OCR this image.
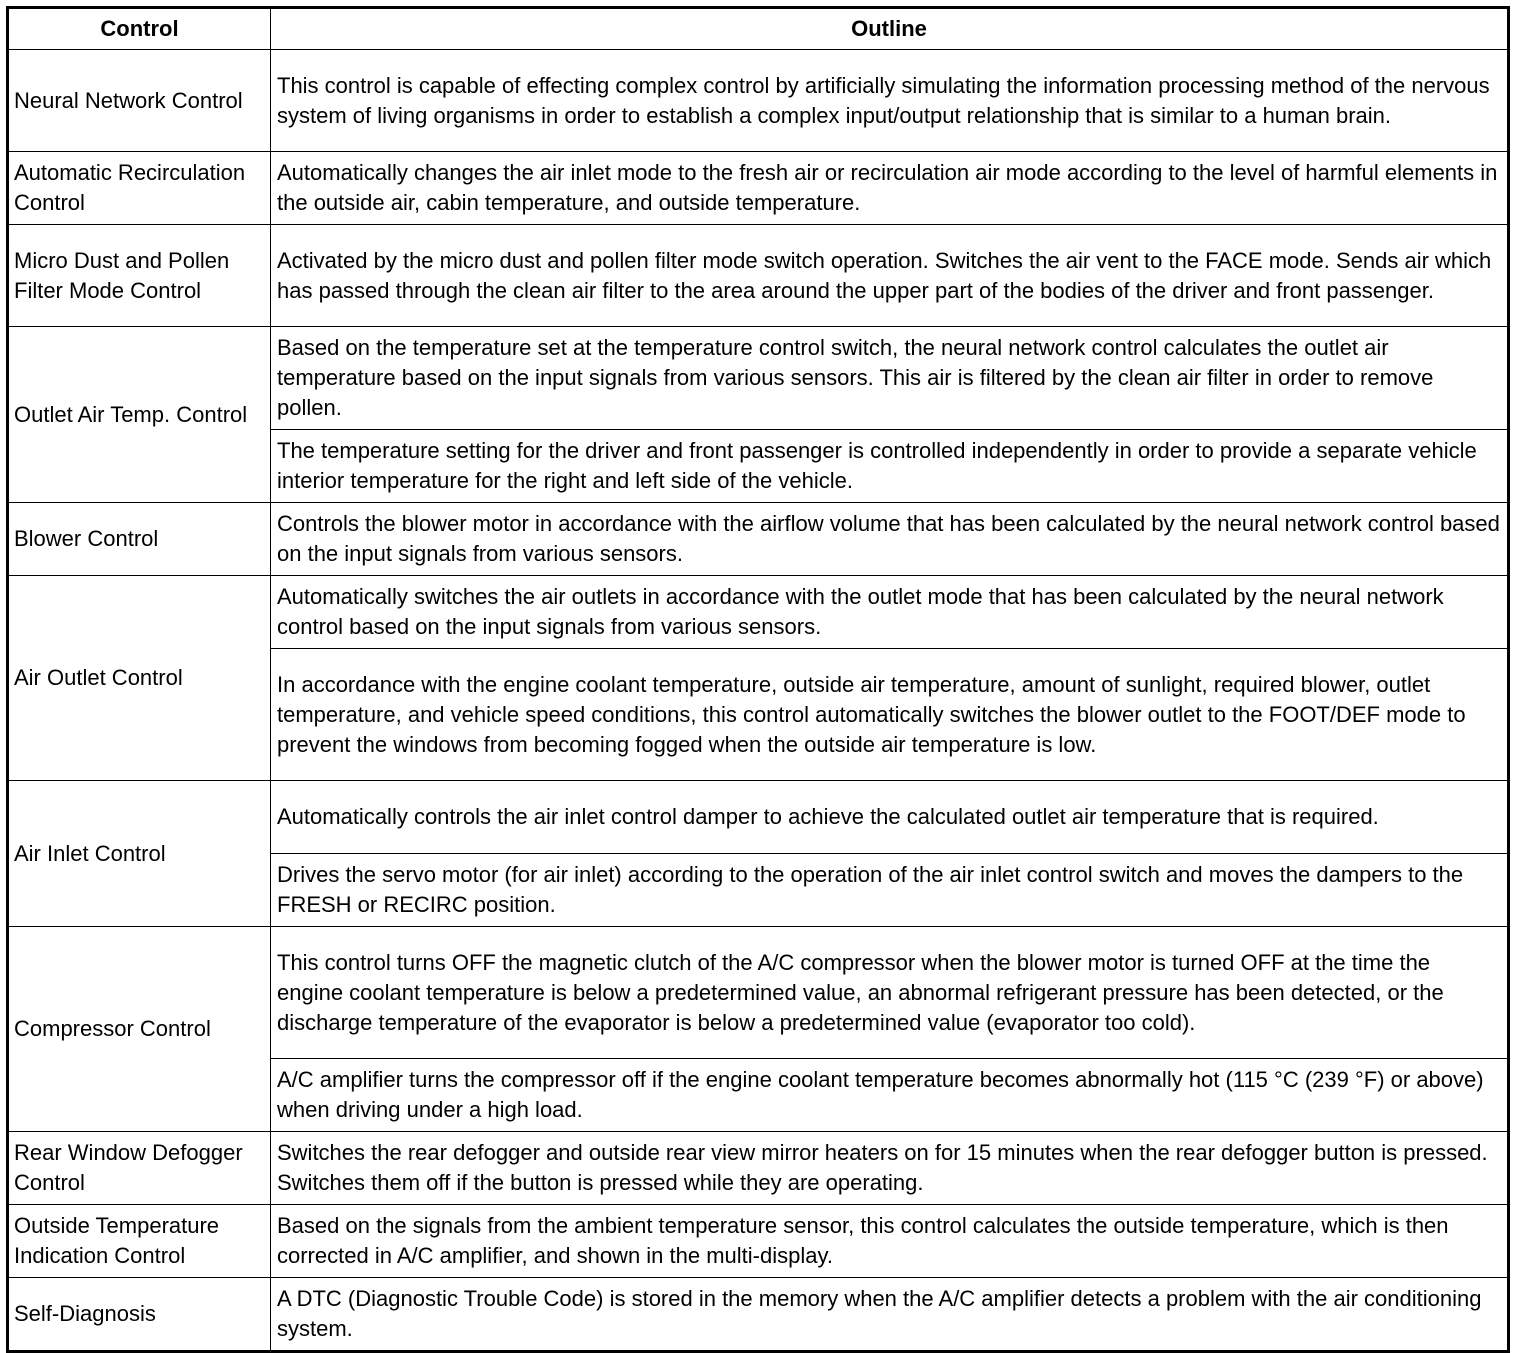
Control	Outline
Neural Network Control	This control is capable of effecting complex control by artificially simulating the information processing method of the nervous system of living organisms in order to establish a complex input/output relationship that is similar to a human brain.
Automatic Recirculation Control	Automatically changes the air inlet mode to the fresh air or recirculation air mode according to the level of harmful elements in the outside air, cabin temperature, and outside temperature.
Micro Dust and Pollen Filter Mode Control	Activated by the micro dust and pollen filter mode switch operation. Switches the air vent to the FACE mode. Sends air which has passed through the clean air filter to the area around the upper part of the bodies of the driver and front passenger.
Outlet Air Temp. Control	Based on the temperature set at the temperature control switch, the neural network control calculates the outlet air temperature based on the input signals from various sensors. This air is filtered by the clean air filter in order to remove pollen.
	The temperature setting for the driver and front passenger is controlled independently in order to provide a separate vehicle interior temperature for the right and left side of the vehicle.
Blower Control	Controls the blower motor in accordance with the airflow volume that has been calculated by the neural network control based on the input signals from various sensors.
Air Outlet Control	Automatically switches the air outlets in accordance with the outlet mode that has been calculated by the neural network control based on the input signals from various sensors.
	In accordance with the engine coolant temperature, outside air temperature, amount of sunlight, required blower, outlet temperature, and vehicle speed conditions, this control automatically switches the blower outlet to the FOOT/DEF mode to prevent the windows from becoming fogged when the outside air temperature is low.
Air Inlet Control	Automatically controls the air inlet control damper to achieve the calculated outlet air temperature that is required.
	Drives the servo motor (for air inlet) according to the operation of the air inlet control switch and moves the dampers to the FRESH or RECIRC position.
Compressor Control	This control turns OFF the magnetic clutch of the A/C compressor when the blower motor is turned OFF at the time the engine coolant temperature is below a predetermined value, an abnormal refrigerant pressure has been detected, or the discharge temperature of the evaporator is below a predetermined value (evaporator too cold).
	A/C amplifier turns the compressor off if the engine coolant temperature becomes abnormally hot (115 °C (239 °F) or above) when driving under a high load.
Rear Window Defogger Control	Switches the rear defogger and outside rear view mirror heaters on for 15 minutes when the rear defogger button is pressed. Switches them off if the button is pressed while they are operating.
Outside Temperature Indication Control	Based on the signals from the ambient temperature sensor, this control calculates the outside temperature, which is then corrected in A/C amplifier, and shown in the multi-display.
Self-Diagnosis	A DTC (Diagnostic Trouble Code) is stored in the memory when the A/C amplifier detects a problem with the air conditioning system.
